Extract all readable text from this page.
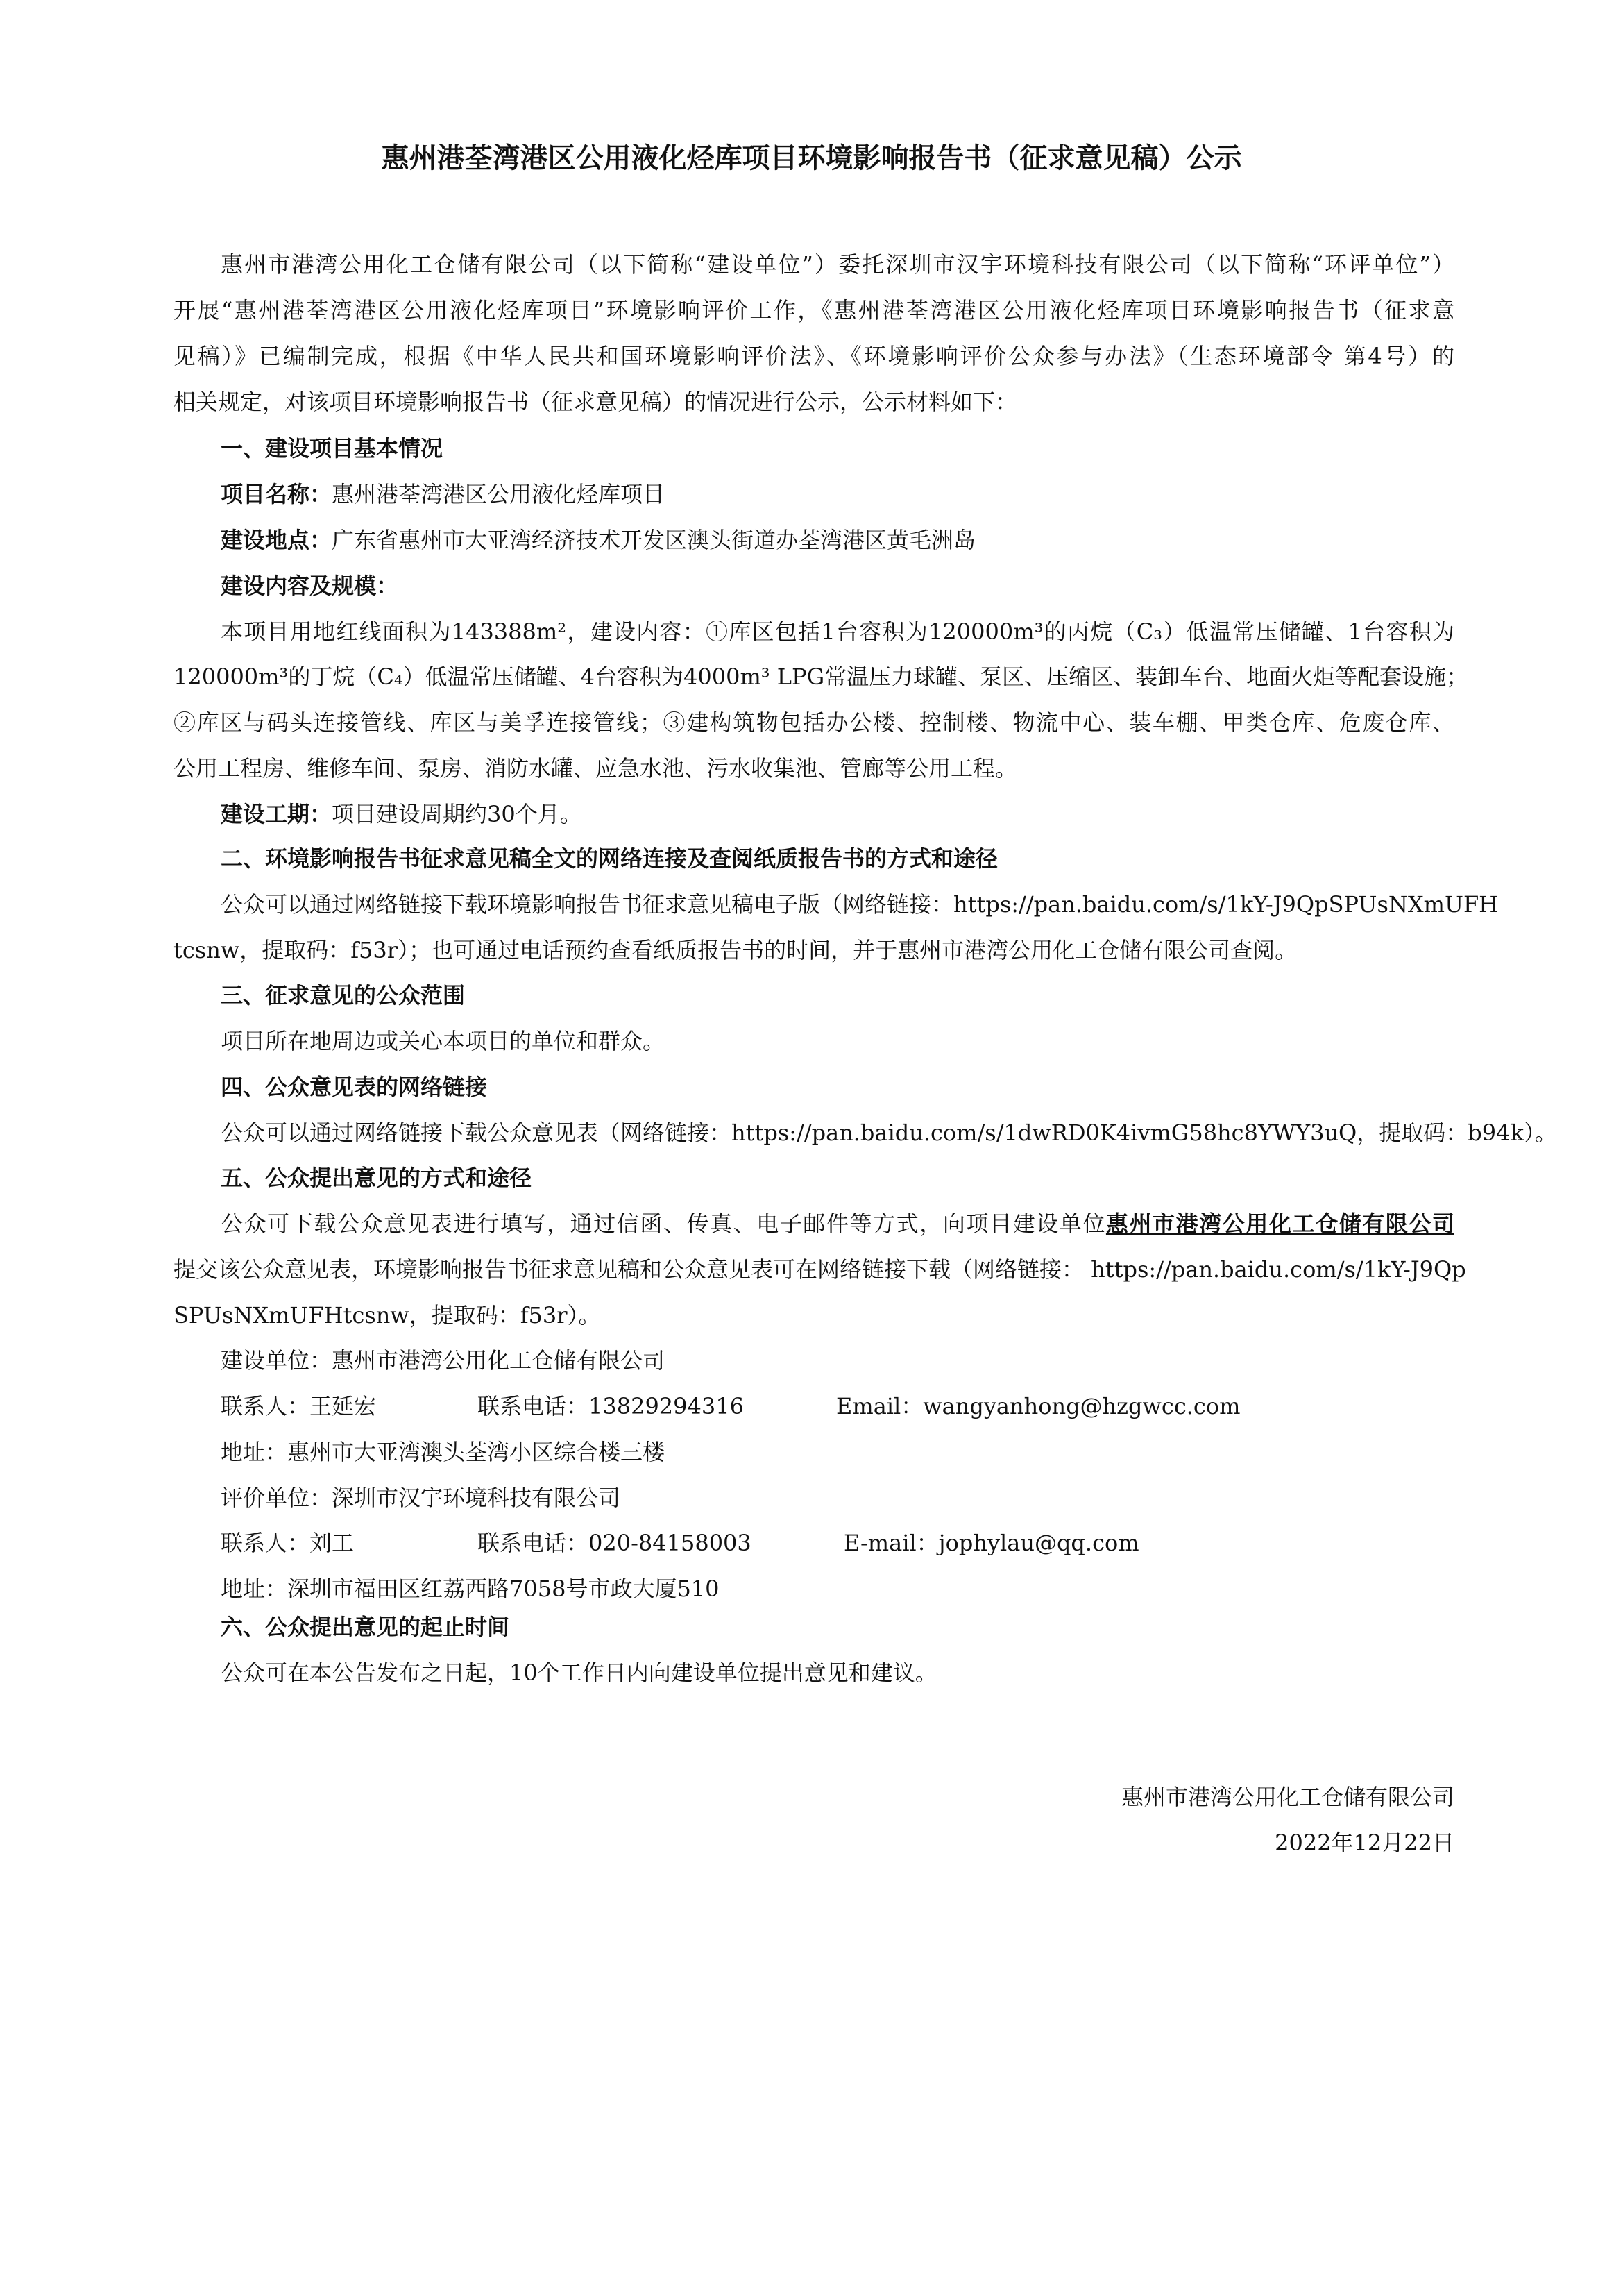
惠州港荃湾港区公用液化烃库项目环境影响报告书（征求意见稿）公示
惠州市港湾公用化工仓储有限公司（以下简称“建设单位”）委托深圳市汉宇环境科技有限公司（以下简称“环评单位”）
开展“惠州港荃湾港区公用液化烃库项目”环境影响评价工作，《惠州港荃湾港区公用液化烃库项目环境影响报告书（征求意
见稿）》已编制完成，根据《中华人民共和国环境影响评价法》、《环境影响评价公众参与办法》（生态环境部令 第4号）的
相关规定，对该项目环境影响报告书（征求意见稿）的情况进行公示，公示材料如下：
一、建设项目基本情况
项目名称：惠州港荃湾港区公用液化烃库项目
建设地点：广东省惠州市大亚湾经济技术开发区澳头街道办荃湾港区黄毛洲岛
建设内容及规模：
本项目用地红线面积为143388m²，建设内容：①库区包括1台容积为120000m³的丙烷（C₃）低温常压储罐、1台容积为
120000m³的丁烷（C₄）低温常压储罐、4台容积为4000m³ LPG常温压力球罐、泵区、压缩区、装卸车台、地面火炬等配套设施；
②库区与码头连接管线、库区与美孚连接管线；③建构筑物包括办公楼、控制楼、物流中心、装车棚、甲类仓库、危废仓库、
公用工程房、维修车间、泵房、消防水罐、应急水池、污水收集池、管廊等公用工程。
建设工期：项目建设周期约30个月。
二、环境影响报告书征求意见稿全文的网络连接及查阅纸质报告书的方式和途径
公众可以通过网络链接下载环境影响报告书征求意见稿电子版（网络链接：https://pan.baidu.com/s/1kY-J9QpSPUsNXmUFH
tcsnw，提取码：f53r）；也可通过电话预约查看纸质报告书的时间，并于惠州市港湾公用化工仓储有限公司查阅。
三、征求意见的公众范围
项目所在地周边或关心本项目的单位和群众。
四、公众意见表的网络链接
公众可以通过网络链接下载公众意见表（网络链接：https://pan.baidu.com/s/1dwRD0K4ivmG58hc8YWY3uQ，提取码：b94k）。
五、公众提出意见的方式和途径
公众可下载公众意见表进行填写，通过信函、传真、电子邮件等方式，向项目建设单位惠州市港湾公用化工仓储有限公司
提交该公众意见表，环境影响报告书征求意见稿和公众意见表可在网络链接下载（网络链接： https://pan.baidu.com/s/1kY-J9Qp
SPUsNXmUFHtcsnw，提取码：f53r）。
建设单位：惠州市港湾公用化工仓储有限公司
联系人：王延宏	联系电话：13829294316	Email：wangyanhong@hzgwcc.com
地址：惠州市大亚湾澳头荃湾小区综合楼三楼
评价单位：深圳市汉宇环境科技有限公司
联系人：刘工	联系电话：020-84158003	E-mail：jophylau@qq.com
地址：深圳市福田区红荔西路7058号市政大厦510
六、公众提出意见的起止时间
公众可在本公告发布之日起，10个工作日内向建设单位提出意见和建议。
惠州市港湾公用化工仓储有限公司
2022年12月22日
